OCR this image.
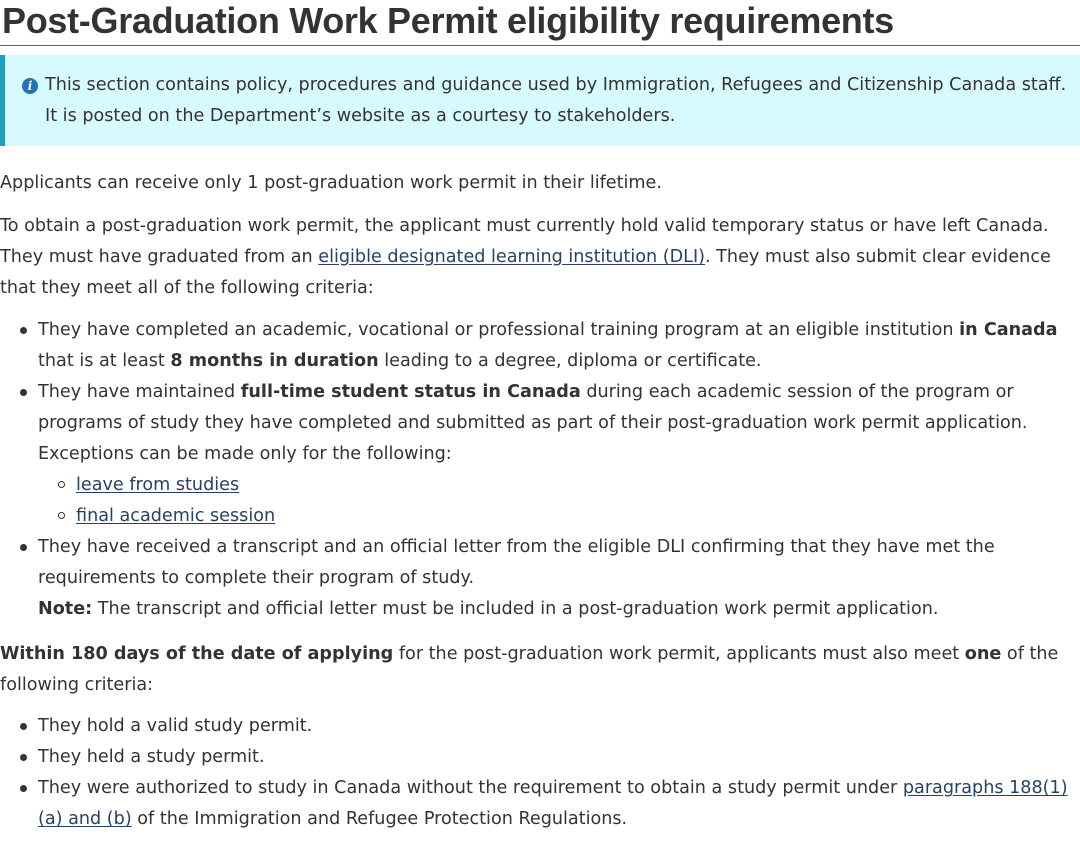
Post-Graduation Work Permit eligibility requirements
i This section contains policy, procedures and guidance used by Immigration, Refugees and Citizenship Canada staff. It is posted on the Department’s website as a courtesy to stakeholders.

Applicants can receive only 1 post-graduation work permit in their lifetime.

To obtain a post-graduation work permit, the applicant must currently hold valid temporary status or have left Canada. They must have graduated from an eligible designated learning institution (DLI). They must also submit clear evidence that they meet all of the following criteria:

They have completed an academic, vocational or professional training program at an eligible institution in Canada that is at least 8 months in duration leading to a degree, diploma or certificate.
They have maintained full-time student status in Canada during each academic session of the program or programs of study they have completed and submitted as part of their post-graduation work permit application. Exceptions can be made only for the following:
leave from studies
final academic session
They have received a transcript and an official letter from the eligible DLI confirming that they have met the requirements to complete their program of study.
Note: The transcript and official letter must be included in a post-graduation work permit application.

Within 180 days of the date of applying for the post-graduation work permit, applicants must also meet one of the following criteria:

They hold a valid study permit.
They held a study permit.
They were authorized to study in Canada without the requirement to obtain a study permit under paragraphs 188(1)(a) and (b) of the Immigration and Refugee Protection Regulations.
